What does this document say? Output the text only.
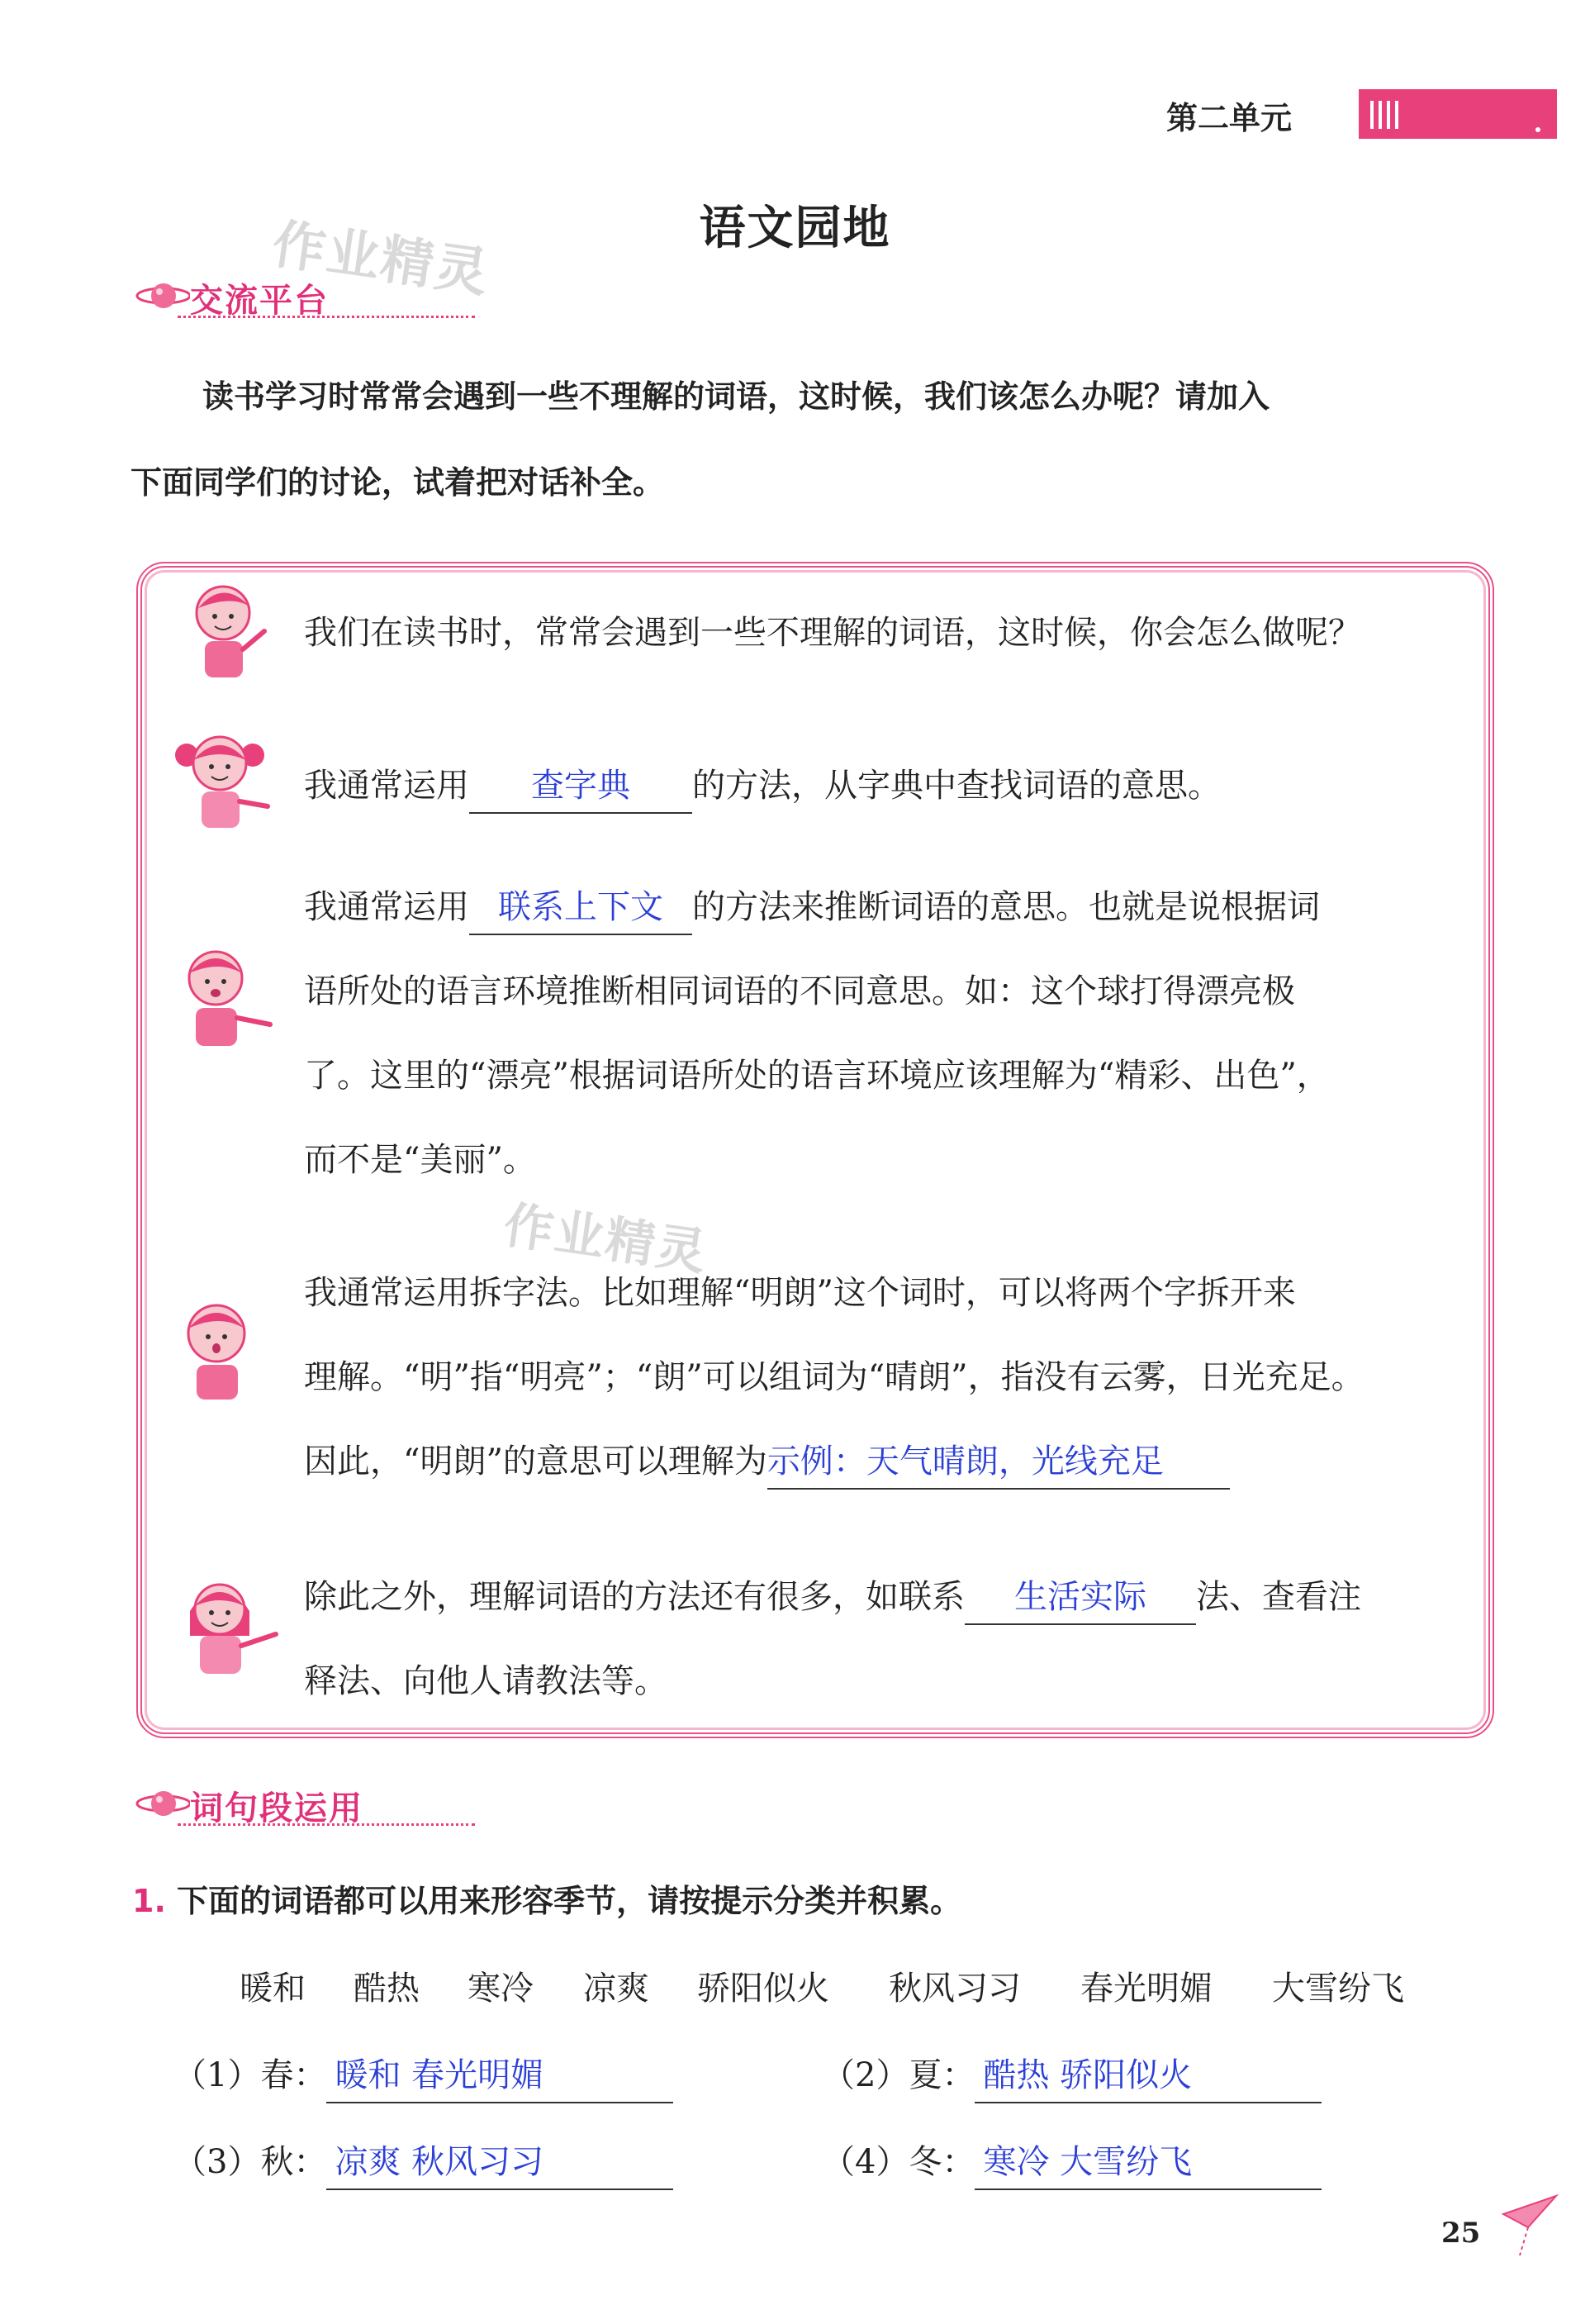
第二单元
语文园地
作业精灵
作业精灵
交流平台
读书学习时常常会遇到一些不理解的词语，这时候，我们该怎么办呢？请加入
下面同学们的讨论，试着把对话补全。
我们在读书时，常常会遇到一些不理解的词语，这时候，你会怎么做呢？
我通常运用 查字典 的方法，从字典中查找词语的意思。
我通常运用 联系上下文 的方法来推断词语的意思。也就是说根据词
语所处的语言环境推断相同词语的不同意思。如：这个球打得漂亮极
了。这里的“漂亮”根据词语所处的语言环境应该理解为“精彩、出色”，
而不是“美丽”。
我通常运用拆字法。比如理解“明朗”这个词时，可以将两个字拆开来
理解。“明”指“明亮”；“朗”可以组词为“晴朗”，指没有云雾，日光充足。
因此，“明朗”的意思可以理解为示例：天气晴朗，光线充足
除此之外，理解词语的方法还有很多，如联系 生活实际 法、查看注
释法、向他人请教法等。
词句段运用
1. 下面的词语都可以用来形容季节，请按提示分类并积累。
暖和	酷热	寒冷	凉爽	骄阳似火	秋风习习	春光明媚	大雪纷飞
（1）春： 暖和 春光明媚	（2）夏： 酷热 骄阳似火
（3）秋： 凉爽 秋风习习	（4）冬： 寒冷 大雪纷飞
25
